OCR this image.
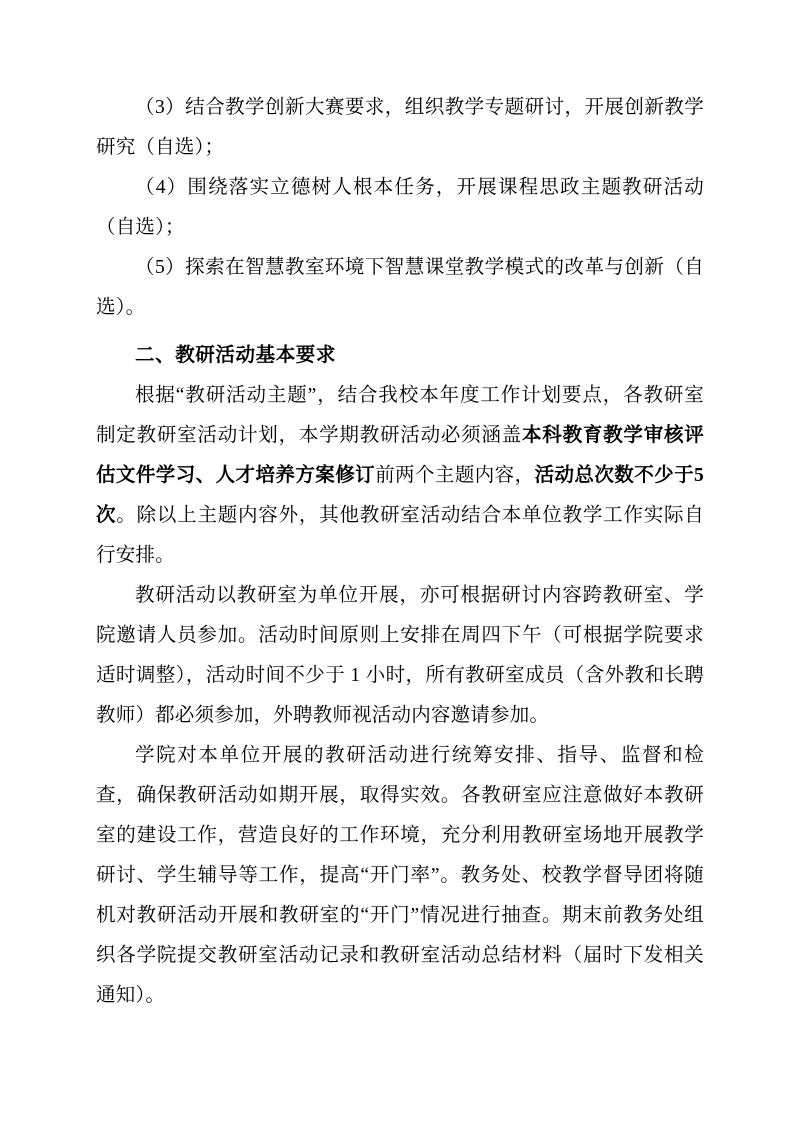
（3）结合教学创新大赛要求，组织教学专题研讨，开展创新教学研究（自选）；

（4）围绕落实立德树人根本任务，开展课程思政主题教研活动（自选）；

（5）探索在智慧教室环境下智慧课堂教学模式的改革与创新（自选）。

二、教研活动基本要求

根据“教研活动主题”，结合我校本年度工作计划要点，各教研室制定教研室活动计划，本学期教研活动必须涵盖本科教育教学审核评估文件学习、人才培养方案修订前两个主题内容，活动总次数不少于5次。除以上主题内容外，其他教研室活动结合本单位教学工作实际自行安排。

教研活动以教研室为单位开展，亦可根据研讨内容跨教研室、学院邀请人员参加。活动时间原则上安排在周四下午（可根据学院要求适时调整），活动时间不少于 1 小时，所有教研室成员（含外教和长聘教师）都必须参加，外聘教师视活动内容邀请参加。

学院对本单位开展的教研活动进行统筹安排、指导、监督和检查，确保教研活动如期开展，取得实效。各教研室应注意做好本教研室的建设工作，营造良好的工作环境，充分利用教研室场地开展教学研讨、学生辅导等工作，提高“开门率”。教务处、校教学督导团将随机对教研活动开展和教研室的“开门”情况进行抽查。期末前教务处组织各学院提交教研室活动记录和教研室活动总结材料（届时下发相关通知）。
